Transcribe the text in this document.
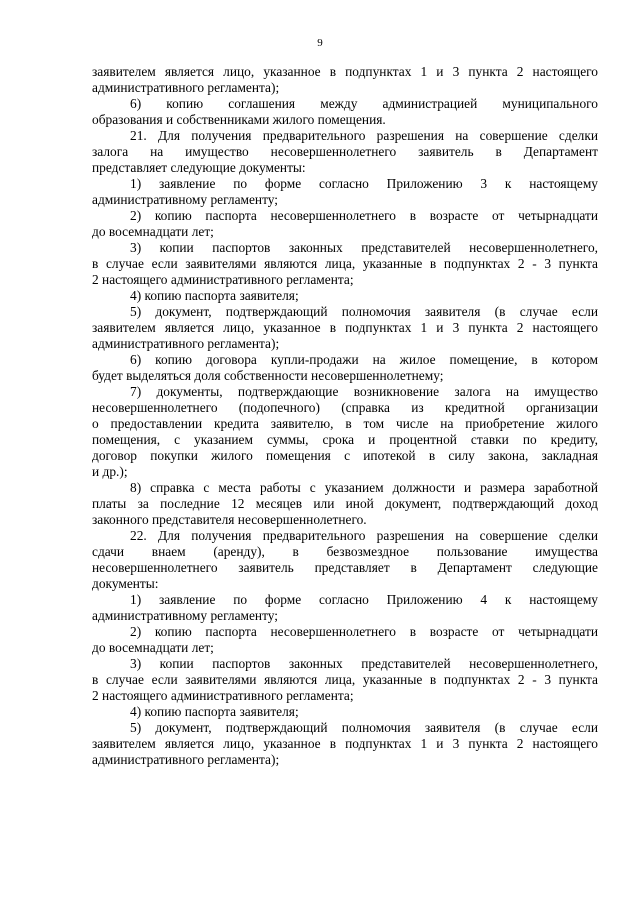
9
заявителем является лицо, указанное в подпунктах 1 и 3 пункта 2 настоящего
административного регламента);
6) копию соглашения между администрацией муниципального
образования и собственниками жилого помещения.
21. Для получения предварительного разрешения на совершение сделки
залога на имущество несовершеннолетнего заявитель в Департамент
представляет следующие документы:
1) заявление по форме согласно Приложению 3 к настоящему
административному регламенту;
2) копию паспорта несовершеннолетнего в возрасте от четырнадцати
до восемнадцати лет;
3) копии паспортов законных представителей несовершеннолетнего,
в случае если заявителями являются лица, указанные в подпунктах 2 - 3 пункта
2 настоящего административного регламента;
4) копию паспорта заявителя;
5) документ, подтверждающий полномочия заявителя (в случае если
заявителем является лицо, указанное в подпунктах 1 и 3 пункта 2 настоящего
административного регламента);
6) копию договора купли-продажи на жилое помещение, в котором
будет выделяться доля собственности несовершеннолетнему;
7) документы, подтверждающие возникновение залога на имущество
несовершеннолетнего (подопечного) (справка из кредитной организации
о предоставлении кредита заявителю, в том числе на приобретение жилого
помещения, с указанием суммы, срока и процентной ставки по кредиту,
договор покупки жилого помещения с ипотекой в силу закона, закладная
и др.);
8) справка с места работы с указанием должности и размера заработной
платы за последние 12 месяцев или иной документ, подтверждающий доход
законного представителя несовершеннолетнего.
22. Для получения предварительного разрешения на совершение сделки
сдачи внаем (аренду), в безвозмездное пользование имущества
несовершеннолетнего заявитель представляет в Департамент следующие
документы:
1) заявление по форме согласно Приложению 4 к настоящему
административному регламенту;
2) копию паспорта несовершеннолетнего в возрасте от четырнадцати
до восемнадцати лет;
3) копии паспортов законных представителей несовершеннолетнего,
в случае если заявителями являются лица, указанные в подпунктах 2 - 3 пункта
2 настоящего административного регламента;
4) копию паспорта заявителя;
5) документ, подтверждающий полномочия заявителя (в случае если
заявителем является лицо, указанное в подпунктах 1 и 3 пункта 2 настоящего
административного регламента);
